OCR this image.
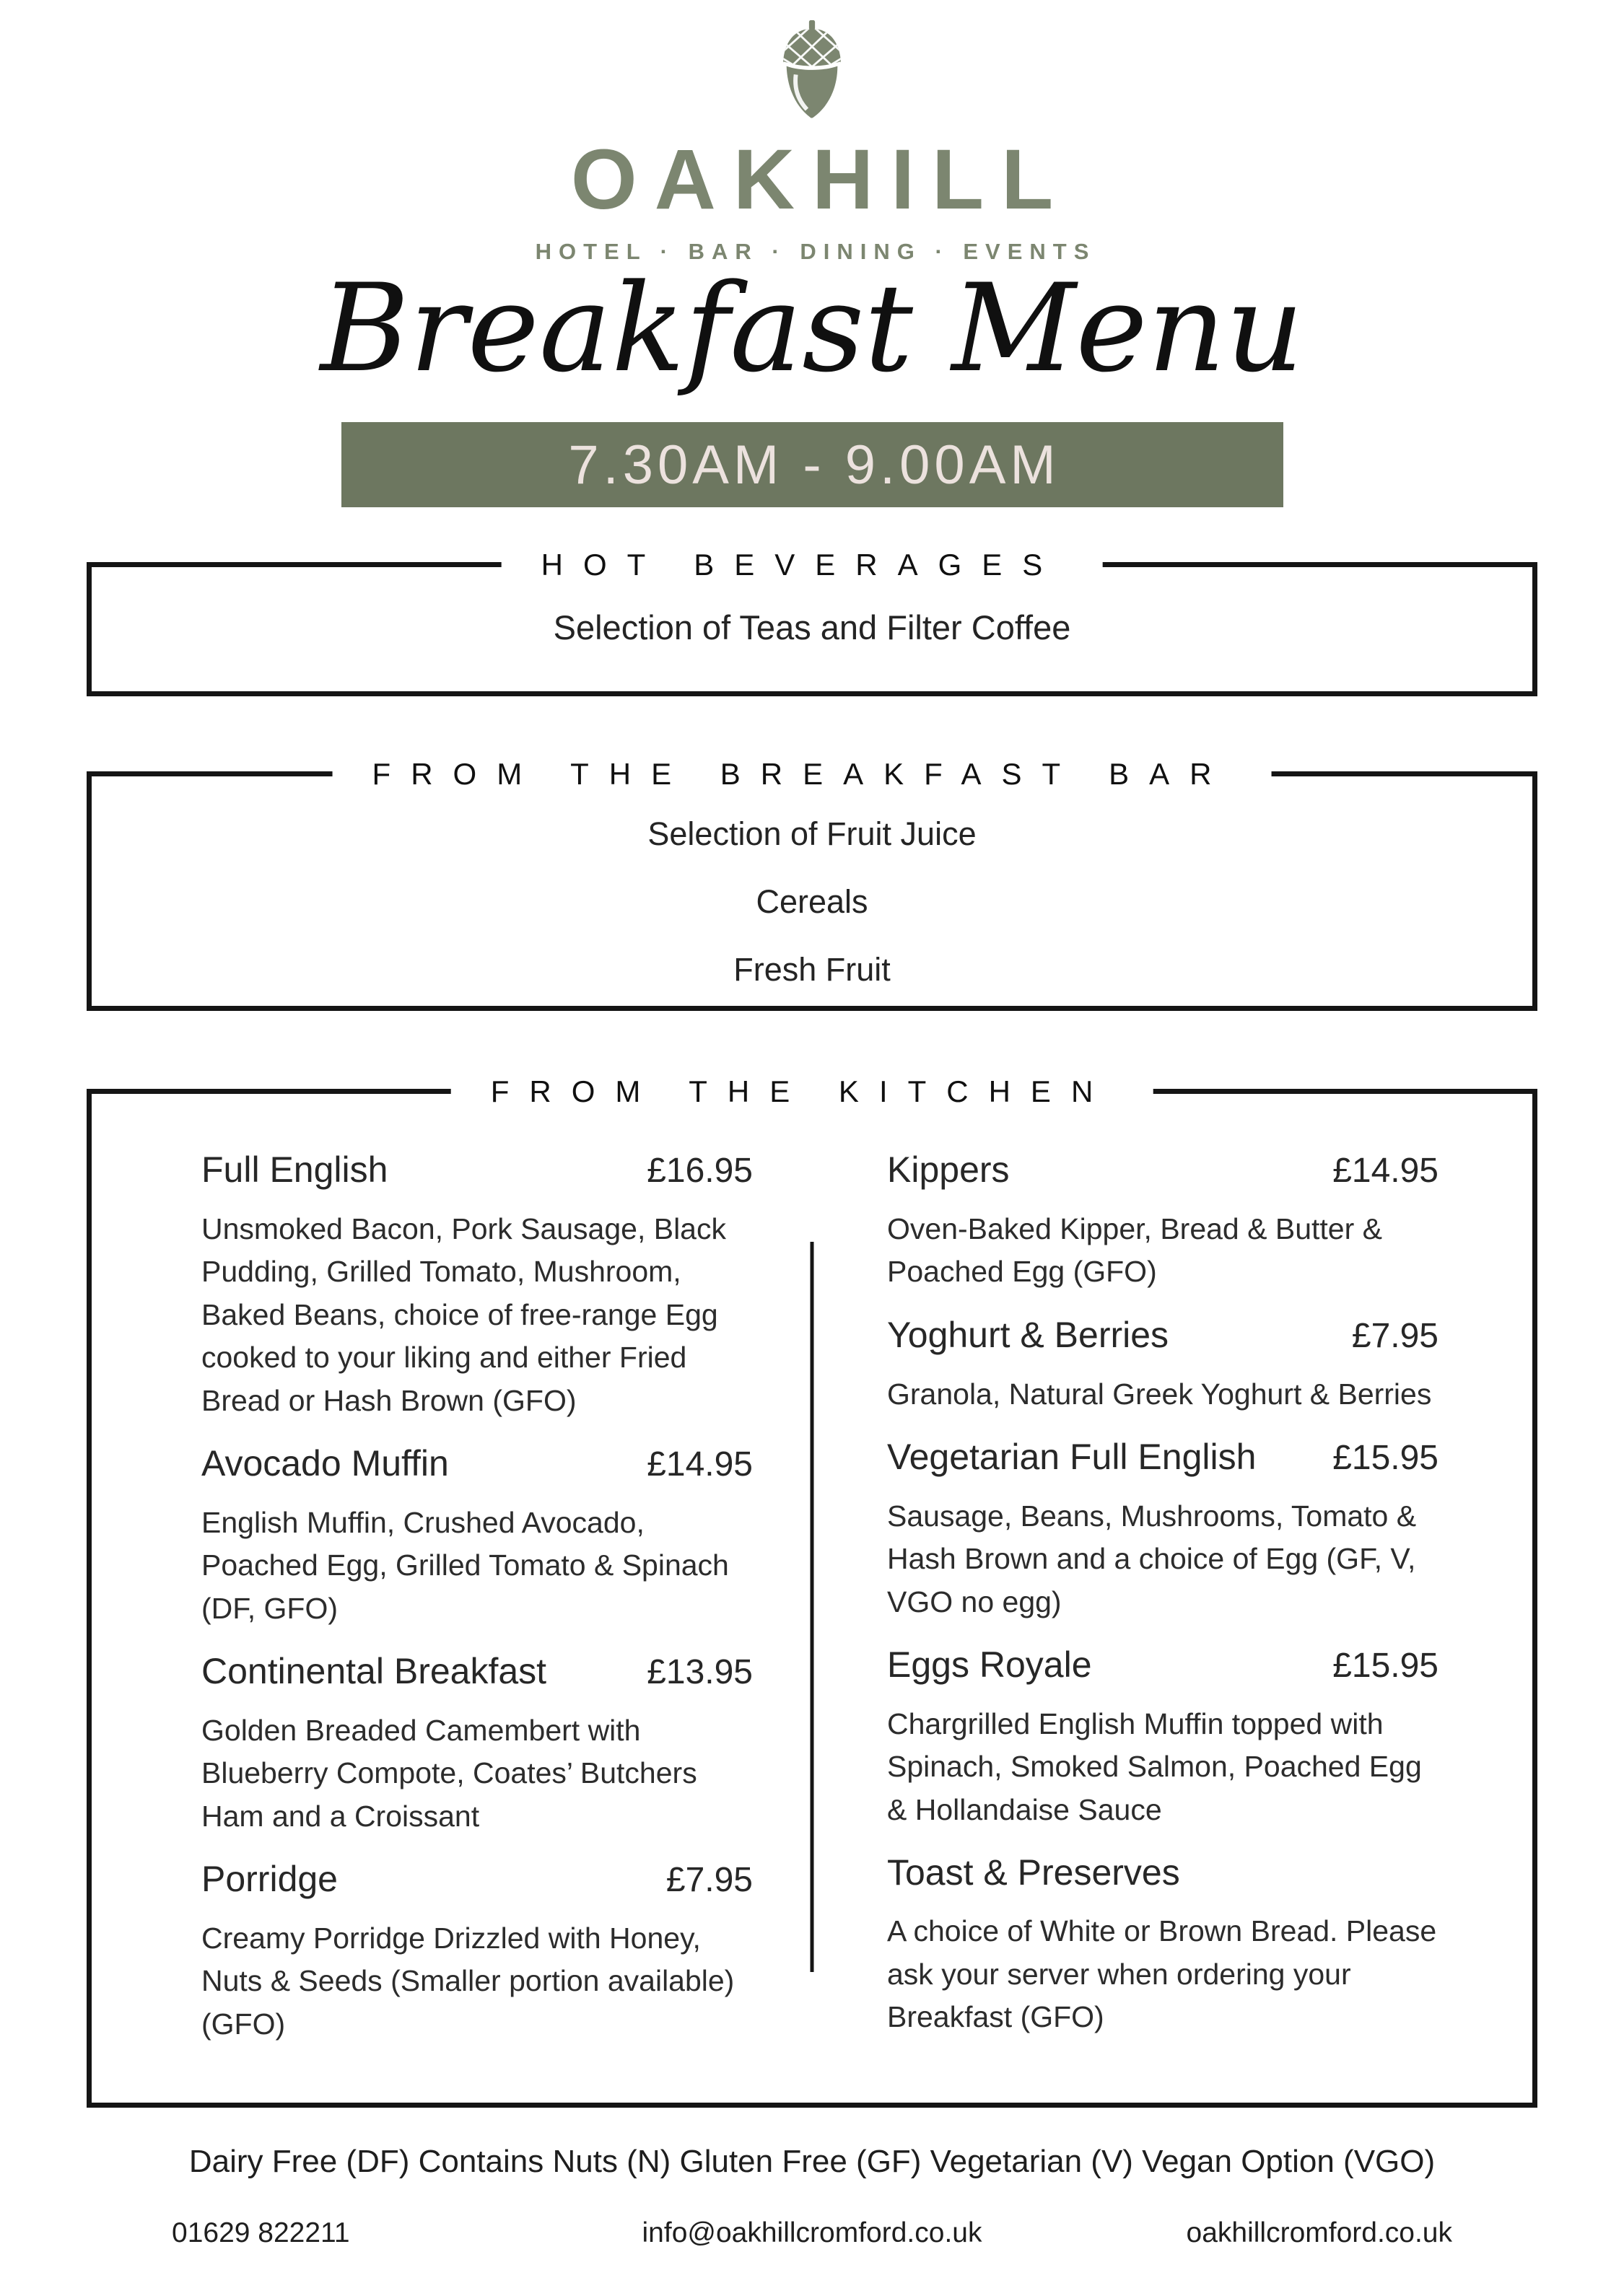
OAKHILL
HOTEL · BAR · DINING · EVENTS
Breakfast Menu
7.30AM - 9.00AM
HOT BEVERAGES
Selection of Teas and Filter Coffee
FROM THE BREAKFAST BAR
Selection of Fruit Juice
Cereals
Fresh Fruit
FROM THE KITCHEN
Full English	£16.95
Unsmoked Bacon, Pork Sausage, Black Pudding, Grilled Tomato, Mushroom, Baked Beans, choice of free-range Egg cooked to your liking and either Fried Bread or Hash Brown (GFO)
Avocado Muffin	£14.95
English Muffin, Crushed Avocado, Poached Egg, Grilled Tomato & Spinach (DF, GFO)
Continental Breakfast	£13.95
Golden Breaded Camembert with Blueberry Compote, Coates’ Butchers Ham and a Croissant
Porridge	£7.95
Creamy Porridge Drizzled with Honey, Nuts & Seeds (Smaller portion available) (GFO)
Kippers	£14.95
Oven-Baked Kipper, Bread & Butter & Poached Egg (GFO)
Yoghurt & Berries	£7.95
Granola, Natural Greek Yoghurt & Berries
Vegetarian Full English £15.95
Sausage, Beans, Mushrooms, Tomato & Hash Brown and a choice of Egg (GF, V, VGO no egg)
Eggs Royale	£15.95
Chargrilled English Muffin topped with Spinach, Smoked Salmon, Poached Egg & Hollandaise Sauce
Toast & Preserves
A choice of White or Brown Bread. Please ask your server when ordering your Breakfast (GFO)
Dairy Free (DF) Contains Nuts (N) Gluten Free (GF) Vegetarian (V) Vegan Option (VGO)
01629 822211	info@oakhillcromford.co.uk	oakhillcromford.co.uk
